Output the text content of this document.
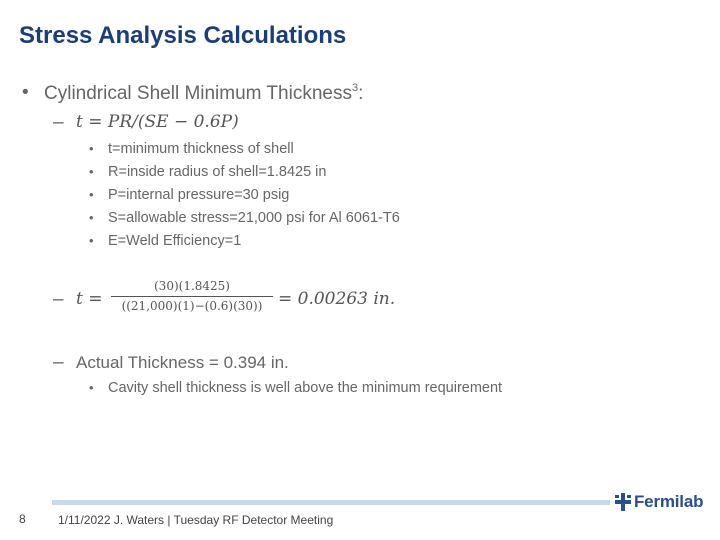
Stress Analysis Calculations
• Cylindrical Shell Minimum Thickness$^3$:
– t = PR/(SE − 0.6P)
• t=minimum thickness of shell
• R=inside radius of shell=1.8425 in
• P=internal pressure=30 psig
• S=allowable stress=21,000 psi for Al 6061-T6
• E=Weld Efficiency=1
– t =
(30)(1.8425)
((21,000)(1)−(0.6)(30)) = 0.00263 in.
– Actual Thickness = 0.394 in.
• Cavity shell thickness is well above the minimum requirement
8	1/11/2022 J. Waters | Tuesday RF Detector Meeting
Fermilab
